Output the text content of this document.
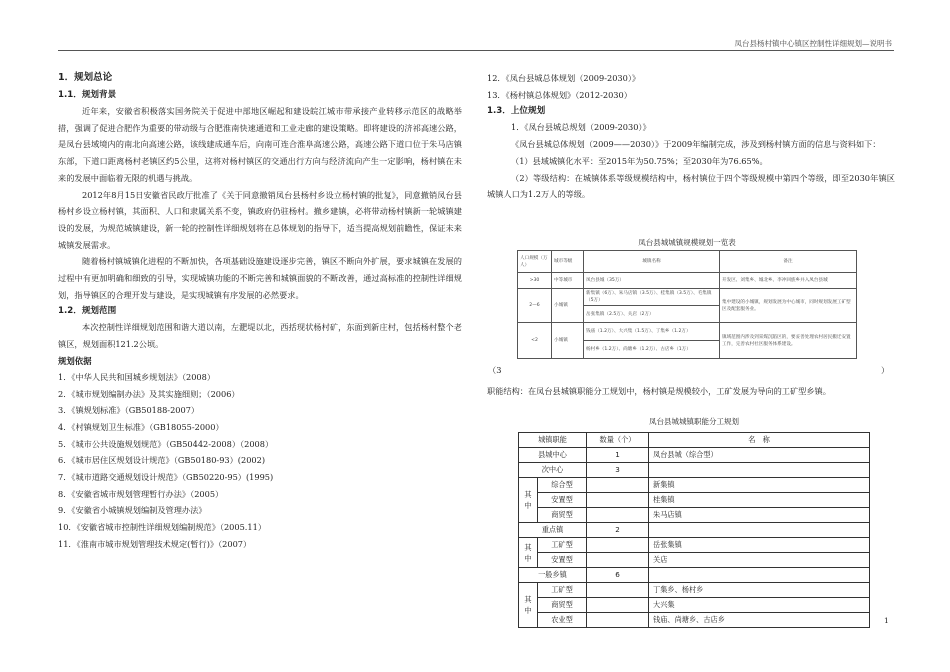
凤台县杨村镇中心镇区控制性详细规划—说明书

1．规划总论

1.1．规划背景

近年来，安徽省积极落实国务院关于促进中部地区崛起和建设皖江城市带承接产业转移示范区的战略举措，强调了促进合肥作为重要的带动级与合肥淮南快速通道和工业走廊的建设策略。即将建设的济祁高速公路，是凤台县域境内的南北向高速公路，该线建成通车后，向南可连合淮阜高速公路，高速公路下道口位于朱马店镇东部，下道口距离杨村老镇区约5公里，这将对杨村镇区的交通出行方向与经济流向产生一定影响，杨村镇在未来的发展中面临着无限的机遇与挑战。

2012年8月15日安徽省民政厅批准了《关于同意撤销凤台县杨村乡设立杨村镇的批复》，同意撤销凤台县杨村乡设立杨村镇，其面积、人口和隶属关系不变，镇政府仍驻杨村。撤乡建镇，必将带动杨村镇新一轮城镇建设的发展，为规范城镇建设，新一轮的控制性详细规划将在总体规划的指导下，适当提高规划前瞻性，保证未来城镇发展需求。

随着杨村镇城镇化进程的不断加快，各项基础设施建设逐步完善，镇区不断向外扩展，要求城镇在发展的过程中有更加明确和细致的引导，实现城镇功能的不断完善和城镇面貌的不断改善，通过高标准的控制性详细规划，指导镇区的合理开发与建设，是实现城镇有序发展的必然要求。

1.2．规划范围

本次控制性详细规划范围和谐大道以南，左淝堤以北，西括现状杨村矿，东面到新庄村，包括杨村整个老镇区，规划面积121.2公顷。

规划依据

1．《中华人民共和国城乡规划法》（2008）

2．《城市规划编制办法》及其实施细则；（2006）

3．《镇规划标准》（GB50188-2007）

4．《村镇规划卫生标准》（GB18055-2000）

5．《城市公共设施规划规范》（GB50442-2008）（2008）

6．《城市居住区规划设计规范》（GB50180-93）(2002)

7．《城市道路交通规划设计规范》（GB50220-95）(1995)

8．《安徽省城市规划管理暂行办法》（2005）

9．《安徽省小城镇规划编制及管理办法》

10．《安徽省城市控制性详细规划编制规范》（2005.11）

11．《淮南市城市规划管理技术规定(暂行)》（2007）

12．《凤台县城总体规划（2009-2030）》

13．《杨村镇总体规划》（2012-2030）

1.3．上位规划

1．《凤台县城总规划（2009-2030）》

《凤台县城总体规划（2009——2030）》于2009年编制完成，涉及到杨村镇方面的信息与资料如下：

（1）县域城镇化水平：至2015年为50.75%；至2030年为76.65%。

（2）等级结构：在城镇体系等级规模结构中，杨村镇位于四个等级规模中第四个等级，即至2030年镇区城镇人口为1.2万人的等级。

凤台县城城镇规模规划一览表
人口规模（万人）	城市等级	城镇名称	备注
>30	中等城市	凤台县城（35万）	开发区、刘集乡、城北乡、李冲回族乡并入凤台县城
2—6	小城镇	新集镇（6万）、朱马店镇（3.5万）、桂集镇（3.5万）、毛集镇（5万）	集中建设的小城镇，规划发展为中心城市，同时规划发展工矿型区及配套服务业。
		岳张集镇（2.5万）、关店（2万）	
<2	小城镇	钱庙（1.2万）、大兴集（1.5万）、丁集乡（1.2万）	镇域范围内涉及到采煤沉陷区的，要妥善处理农村居民搬迁安置工作，完善农村社区服务体系建设。
		杨村乡（1.2万）、尚塘乡（1.2万）、古店乡（1万）	
（3	）
职能结构：在凤台县城镇职能分工规划中，杨村镇是规模较小，工矿发展为导向的工矿型乡镇。
凤台县城城镇职能分工规划
城镇职能		数量（个）	名　称
县城中心		1	凤台县城（综合型）
次中心		3	
其中	综合型		新集镇
	安置型		桂集镇
	商贸型		朱马店镇
重点镇		2	
其中	工矿型		岳张集镇
	安置型		关店
一般乡镇		6	
其中	工矿型		丁集乡、杨村乡
	商贸型		大兴集
	农业型		钱庙、尚塘乡、古店乡	1
